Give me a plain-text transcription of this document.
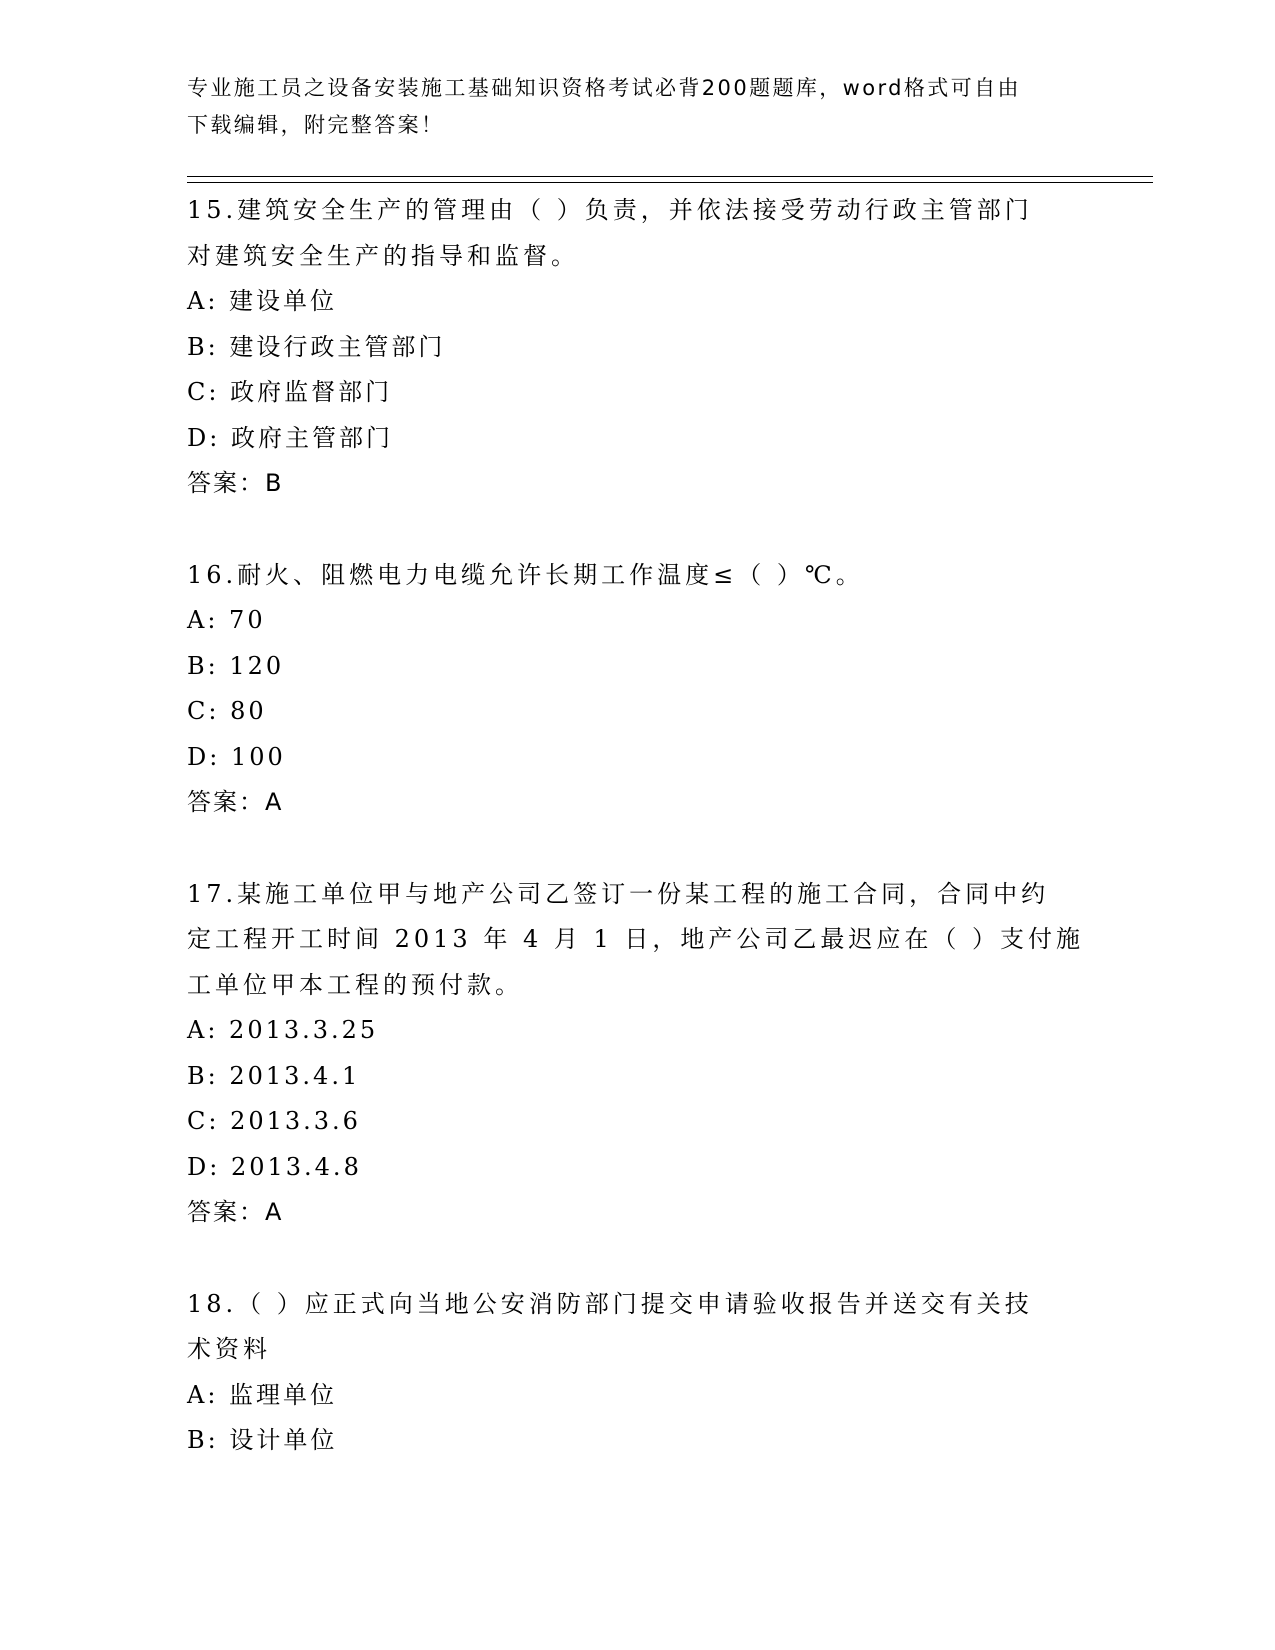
专业施工员之设备安装施工基础知识资格考试必背200题题库，word格式可自由
下载编辑，附完整答案！
15.建筑安全生产的管理由（ ）负责，并依法接受劳动行政主管部门
对建筑安全生产的指导和监督。
A: 建设单位
B: 建设行政主管部门
C: 政府监督部门
D: 政府主管部门
答案：B
16.耐火、阻燃电力电缆允许长期工作温度≤（ ）℃。
A: 70
B: 120
C: 80
D: 100
答案：A
17.某施工单位甲与地产公司乙签订一份某工程的施工合同，合同中约
定工程开工时间 2013 年 4 月 1 日，地产公司乙最迟应在（ ）支付施
工单位甲本工程的预付款。
A: 2013.3.25
B: 2013.4.1
C: 2013.3.6
D: 2013.4.8
答案：A
18.（ ）应正式向当地公安消防部门提交申请验收报告并送交有关技
术资料
A: 监理单位
B: 设计单位
